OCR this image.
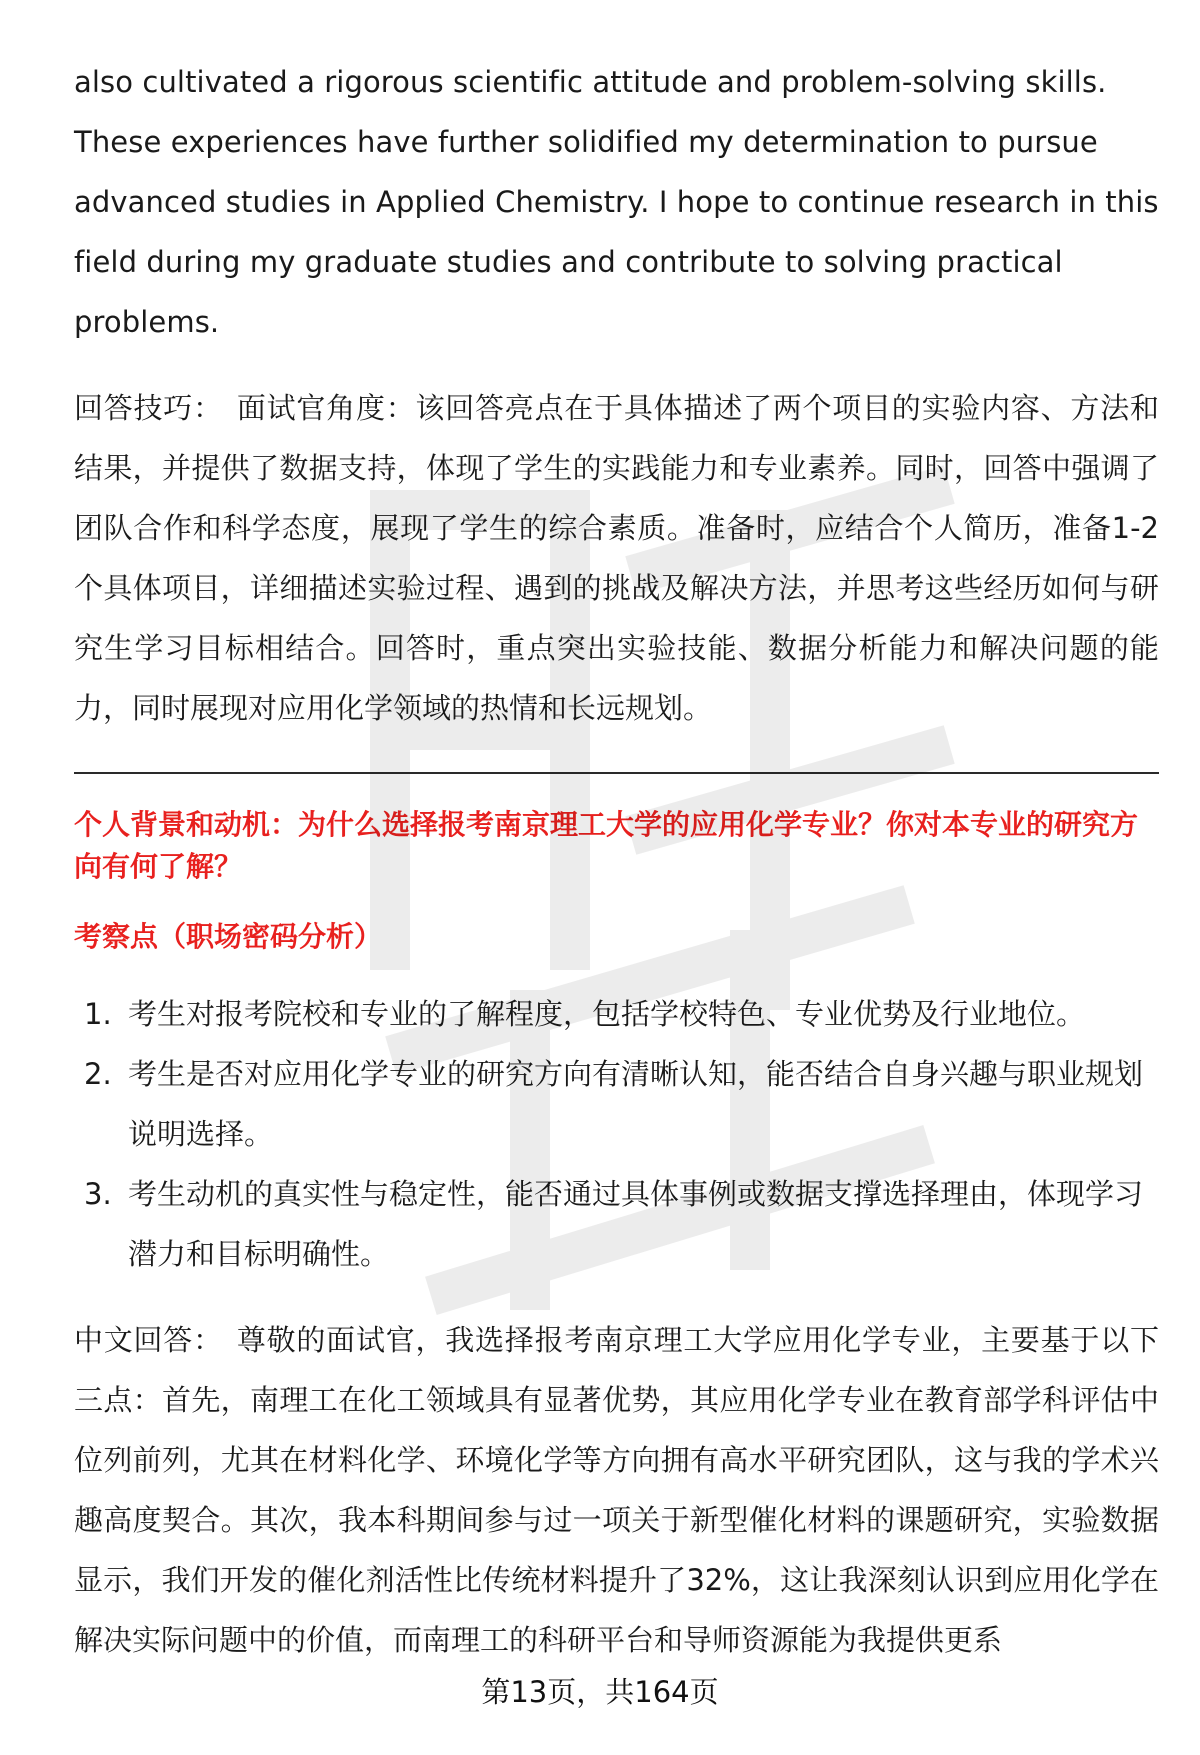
also cultivated a rigorous scientific attitude and problem-solving skills. These experiences have further solidified my determination to pursue advanced studies in Applied Chemistry. I hope to continue research in this field during my graduate studies and contribute to solving practical problems.

回答技巧： 面试官角度：该回答亮点在于具体描述了两个项目的实验内容、方法和结果，并提供了数据支持，体现了学生的实践能力和专业素养。同时，回答中强调了团队合作和科学态度，展现了学生的综合素质。准备时，应结合个人简历，准备1-2个具体项目，详细描述实验过程、遇到的挑战及解决方法，并思考这些经历如何与研究生学习目标相结合。回答时，重点突出实验技能、数据分析能力和解决问题的能力，同时展现对应用化学领域的热情和长远规划。

个人背景和动机：为什么选择报考南京理工大学的应用化学专业？你对本专业的研究方向有何了解？
考察点（职场密码分析）
1. 考生对报考院校和专业的了解程度，包括学校特色、专业优势及行业地位。
2. 考生是否对应用化学专业的研究方向有清晰认知，能否结合自身兴趣与职业规划说明选择。
3. 考生动机的真实性与稳定性，能否通过具体事例或数据支撑选择理由，体现学习潜力和目标明确性。

中文回答： 尊敬的面试官，我选择报考南京理工大学应用化学专业，主要基于以下三点：首先，南理工在化工领域具有显著优势，其应用化学专业在教育部学科评估中位列前列，尤其在材料化学、环境化学等方向拥有高水平研究团队，这与我的学术兴趣高度契合。其次，我本科期间参与过一项关于新型催化材料的课题研究，实验数据显示，我们开发的催化剂活性比传统材料提升了32%，这让我深刻认识到应用化学在解决实际问题中的价值，而南理工的科研平台和导师资源能为我提供更系

第13页，共164页
